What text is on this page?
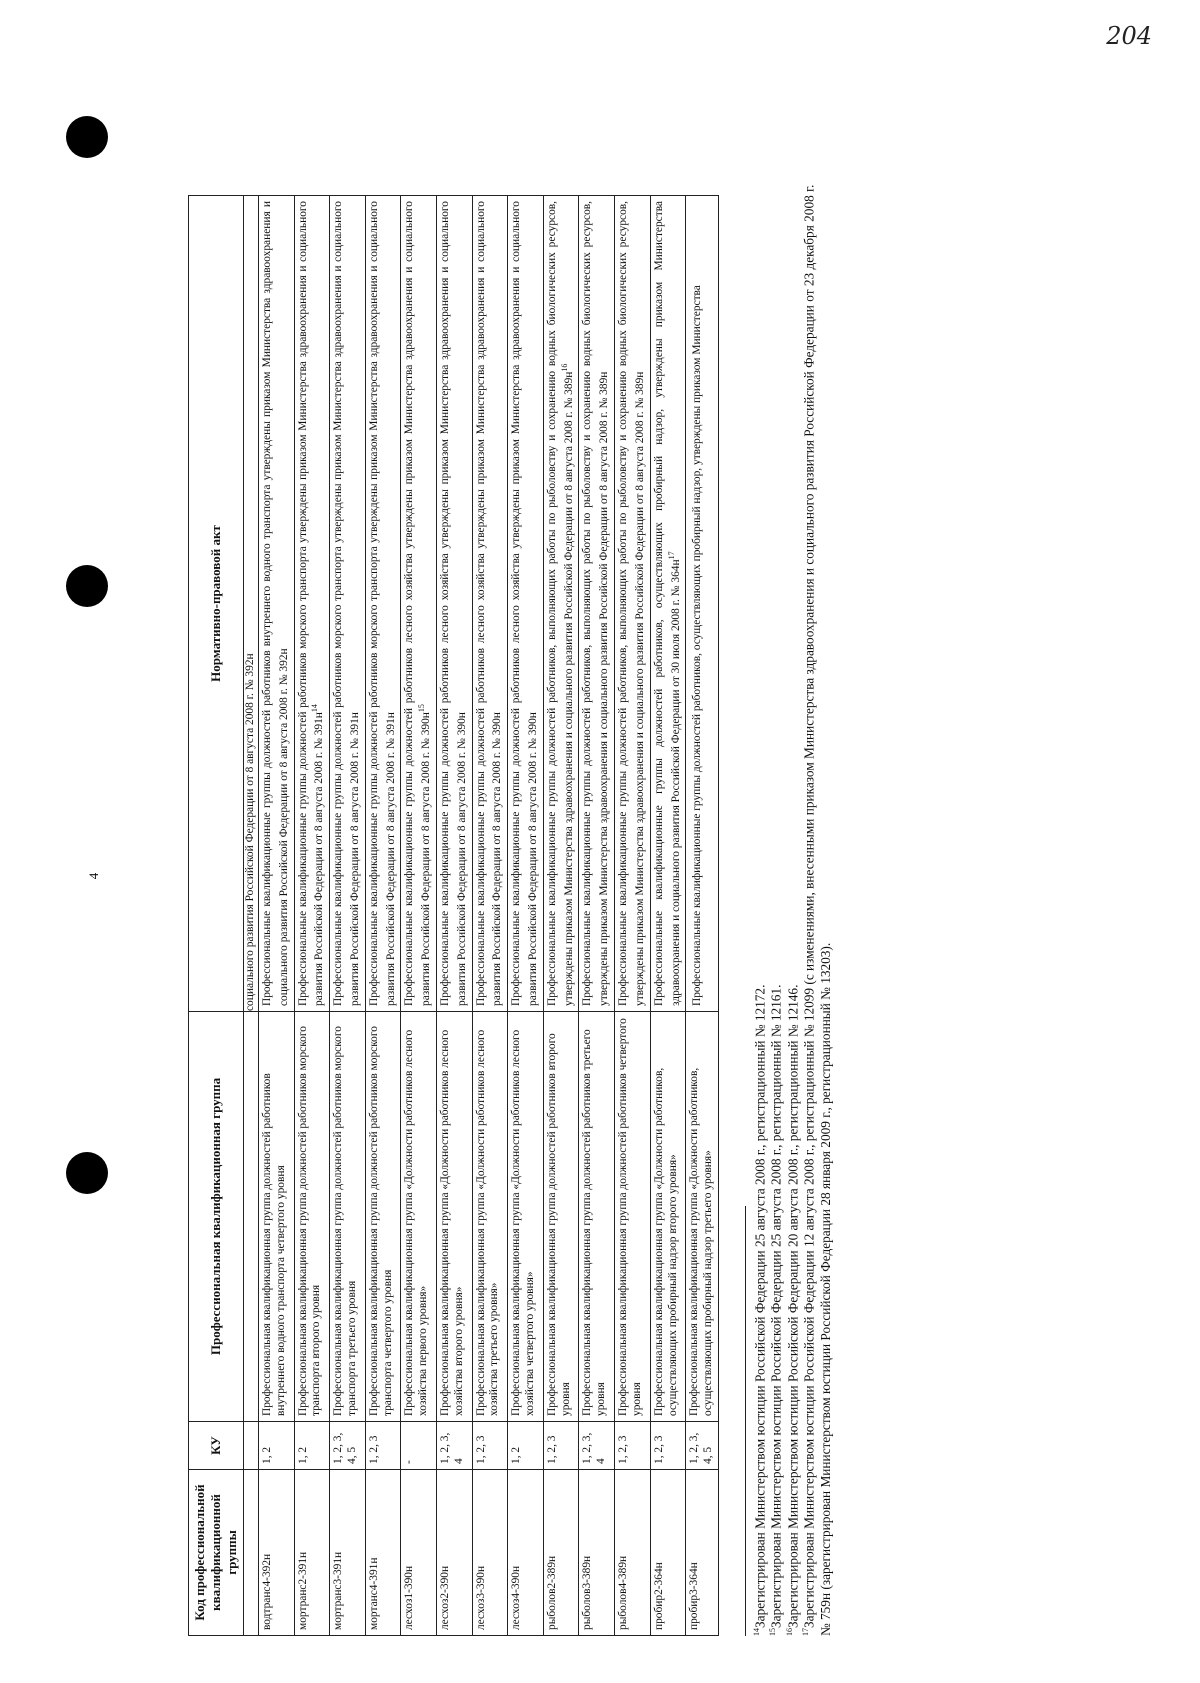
204
4
Код профессиональной квалификационной группы	КУ	Профессиональная квалификационная группа	Нормативно-правовой акт
			социального развития Российской Федерации от 8 августа 2008 г. № 392н
водтранс4-392н	1, 2	Профессиональная квалификационная группа должностей работников внутреннего водного транспорта четвертого уровня	Профессиональные квалификационные группы должностей работников внутреннего водного транспорта утверждены приказом Министерства здравоохранения и социального развития Российской Федерации от 8 августа 2008 г. № 392н
мортранс2-391н	1, 2	Профессиональная квалификационная группа должностей работников морского транспорта второго уровня	Профессиональные квалификационные группы должностей работников морского транспорта утверждены приказом Министерства здравоохранения и социального развития Российской Федерации от 8 августа 2008 г. № $391н^{14}$
мортранс3-391н	1, 2, 3, 4, 5	Профессиональная квалификационная группа должностей работников морского транспорта третьего уровня	Профессиональные квалификационные группы должностей работников морского транспорта утверждены приказом Министерства здравоохранения и социального развития Российской Федерации от 8 августа 2008 г. № 391н
мортанс4-391н	1, 2, 3	Профессиональная квалификационная группа должностей работников морского транспорта четвертого уровня	Профессиональные квалификационные группы должностей работников морского транспорта утверждены приказом Министерства здравоохранения и социального развития Российской Федерации от 8 августа 2008 г. № 391н
лесхоз1-390н	-	Профессиональная квалификационная группа «Должности работников лесного хозяйства первого уровня»	Профессиональные квалификационные группы должностей работников лесного хозяйства утверждены приказом Министерства здравоохранения и социального развития Российской Федерации от 8 августа 2008 г. № $390н^{15}$
лесхоз2-390н	1, 2, 3, 4	Профессиональная квалификационная группа «Должности работников лесного хозяйства второго уровня»	Профессиональные квалификационные группы должностей работников лесного хозяйства утверждены приказом Министерства здравоохранения и социального развития Российской Федерации от 8 августа 2008 г. № 390н
лесхоз3-390н	1, 2, 3	Профессиональная квалификационная группа «Должности работников лесного хозяйства третьего уровня»	Профессиональные квалификационные группы должностей работников лесного хозяйства утверждены приказом Министерства здравоохранения и социального развития Российской Федерации от 8 августа 2008 г. № 390н
лесхоз4-390н	1, 2	Профессиональная квалификационная группа «Должности работников лесного хозяйства четвертого уровня»	Профессиональные квалификационные группы должностей работников лесного хозяйства утверждены приказом Министерства здравоохранения и социального развития Российской Федерации от 8 августа 2008 г. № 390н
рыболов2-389н	1, 2, 3	Профессиональная квалификационная группа должностей работников второго уровня	Профессиональные квалификационные группы должностей работников, выполняющих работы по рыболовству и сохранению водных биологических ресурсов, утверждены приказом Министерства здравоохранения и социального развития Российской Федерации от 8 августа 2008 г. № $389н^{16}$
рыболов3-389н	1, 2, 3, 4	Профессиональная квалификационная группа должностей работников третьего уровня	Профессиональные квалификационные группы должностей работников, выполняющих работы по рыболовству и сохранению водных биологических ресурсов, утверждены приказом Министерства здравоохранения и социального развития Российской Федерации от 8 августа 2008 г. № 389н
рыболов4-389н	1, 2, 3	Профессиональная квалификационная группа должностей работников четвертого уровня	Профессиональные квалификационные группы должностей работников, выполняющих работы по рыболовству и сохранению водных биологических ресурсов, утверждены приказом Министерства здравоохранения и социального развития Российской Федерации от 8 августа 2008 г. № 389н
пробир2-364н	1, 2, 3	Профессиональная квалификационная группа «Должности работников, осуществляющих пробирный надзор второго уровня»	Профессиональные квалификационные группы должностей работников, осуществляющих пробирный надзор, утверждены приказом Министерства здравоохранения и социального развития Российской Федерации от 30 июля 2008 г. № $364н^{17}$
пробир3-364н	1, 2, 3, 4, 5	Профессиональная квалификационная группа «Должности работников, осуществляющих пробирный надзор третьего уровня»	Профессиональные квалификационные группы должностей работников, осуществляющих пробирный надзор, утверждены приказом Министерства

$^{14}$Зарегистрирован Министерством юстиции Российской Федерации 25 августа 2008 г., регистрационный № 12172.

$^{15}$Зарегистрирован Министерством юстиции Российской Федерации 25 августа 2008 г., регистрационный № 12161.

$^{16}$Зарегистрирован Министерством юстиции Российской Федерации 20 августа 2008 г., регистрационный № 12146.

$^{17}$Зарегистрирован Министерством юстиции Российской Федерации 12 августа 2008 г., регистрационный № 12099 (с изменениями, внесенными приказом Министерства здравоохранения и социального развития Российской Федерации от 23 декабря 2008 г. № 759н (зарегистрирован Министерством юстиции Российской Федерации 28 января 2009 г., регистрационный № 13203).
